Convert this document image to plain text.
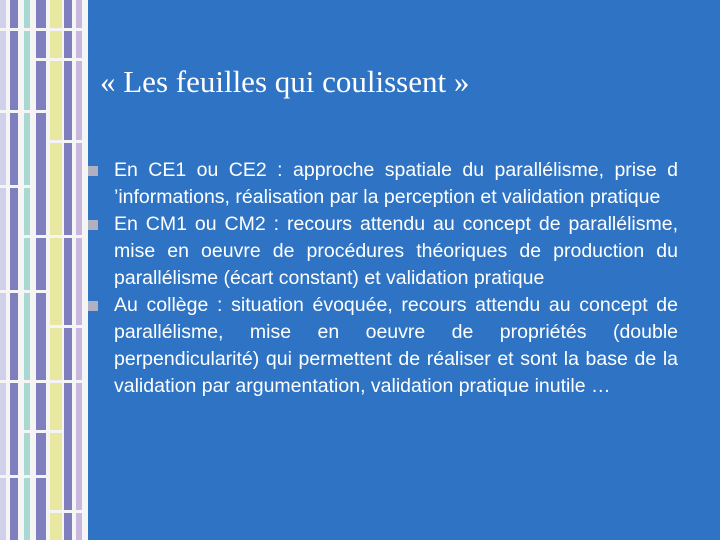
« Les feuilles qui coulissent »
En CE1 ou CE2 : approche spatiale du parallélisme, prise d ’informations, réalisation par la perception et validation pratique
En CM1 ou CM2 : recours attendu au concept de parallélisme, mise en oeuvre de procédures théoriques de production du parallélisme (écart constant) et validation pratique
Au collège : situation évoquée, recours attendu au concept de parallélisme, mise en oeuvre de propriétés (double perpendicularité) qui permettent de réaliser et sont la base de la validation par argumentation, validation pratique inutile …
